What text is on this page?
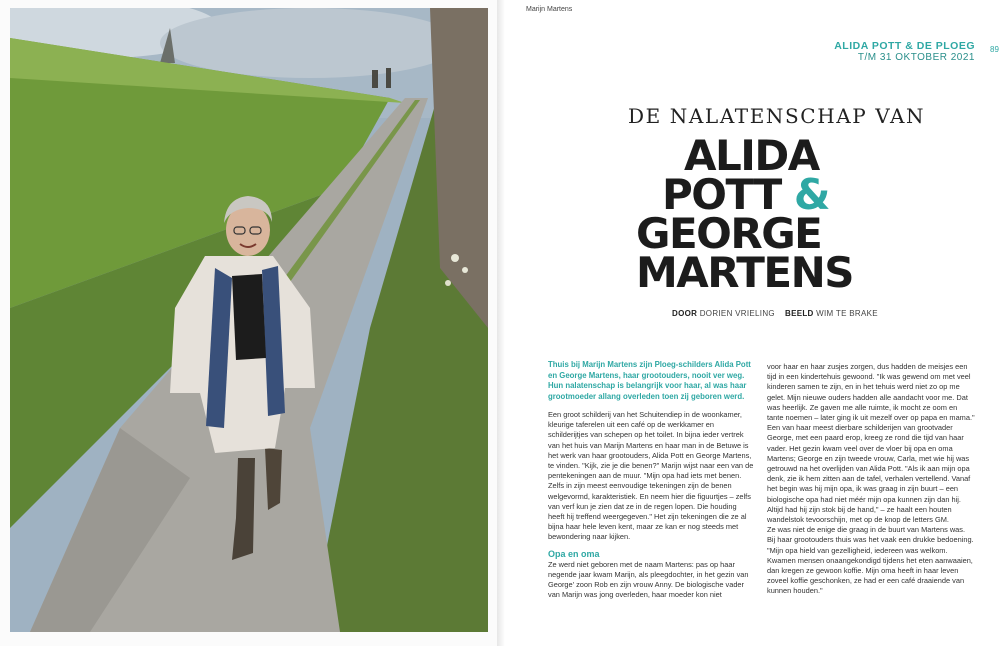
Marijn Martens
ALIDA POTT & DE PLOEG
T/M 31 OKTOBER 2021
89
DE NALATENSCHAP VAN
ALIDA
POTT &
GEORGE
MARTENS
DOOR DORIEN VRIELING BEELD WIM TE BRAKE
Thuis bij Marijn Martens zijn Ploeg-schilders Alida Pott en George Martens, haar grootouders, nooit ver weg. Hun nalatenschap is belangrijk voor haar, al was haar grootmoeder allang overleden toen zij geboren werd.

Een groot schilderij van het Schuitendiep in de woonkamer, kleurige taferelen uit een café op de werkkamer en schilderijtjes van schepen op het toilet. In bijna ieder vertrek van het huis van Marijn Martens en haar man in de Betuwe is het werk van haar grootouders, Alida Pott en George Martens, te vinden. "Kijk, zie je die benen?" Marijn wijst naar een van de pentekeningen aan de muur. "Mijn opa had iets met benen. Zelfs in zijn meest eenvoudige tekeningen zijn de benen welgevormd, karakteristiek. En neem hier die figuurtjes – zelfs van verf kun je zien dat ze in de regen lopen. Die houding heeft hij treffend weergegeven." Het zijn tekeningen die ze al bijna haar hele leven kent, maar ze kan er nog steeds met bewondering naar kijken.

Opa en oma

Ze werd niet geboren met de naam Martens: pas op haar negende jaar kwam Marijn, als pleegdochter, in het gezin van George' zoon Rob en zijn vrouw Anny. De biologische vader van Marijn was jong overleden, haar moeder kon niet

voor haar en haar zusjes zorgen, dus hadden de meisjes een tijd in een kindertehuis gewoond. "Ik was gewend om met veel kinderen samen te zijn, en in het tehuis werd niet zo op me gelet. Mijn nieuwe ouders hadden alle aandacht voor me. Dat was heerlijk. Ze gaven me alle ruimte, ik mocht ze oom en tante noemen – later ging ik uit mezelf over op papa en mama." Een van haar meest dierbare schilderijen van grootvader George, met een paard erop, kreeg ze rond die tijd van haar vader. Het gezin kwam veel over de vloer bij opa en oma Martens; George en zijn tweede vrouw, Carla, met wie hij was getrouwd na het overlijden van Alida Pott. "Als ik aan mijn opa denk, zie ik hem zitten aan de tafel, verhalen vertellend. Vanaf het begin was hij mijn opa, ik was graag in zijn buurt – een biologische opa had niet méér mijn opa kunnen zijn dan hij. Altijd had hij zijn stok bij de hand," – ze haalt een houten wandelstok tevoorschijn, met op de knop de letters GM.

Ze was niet de enige die graag in de buurt van Martens was. Bij haar grootouders thuis was het vaak een drukke bedoening. "Mijn opa hield van gezelligheid, iedereen was welkom. Kwamen mensen onaangekondigd tijdens het eten aanwaaien, dan kregen ze gewoon koffie. Mijn oma heeft in haar leven zoveel koffie geschonken, ze had er een café draaiende van kunnen houden."
